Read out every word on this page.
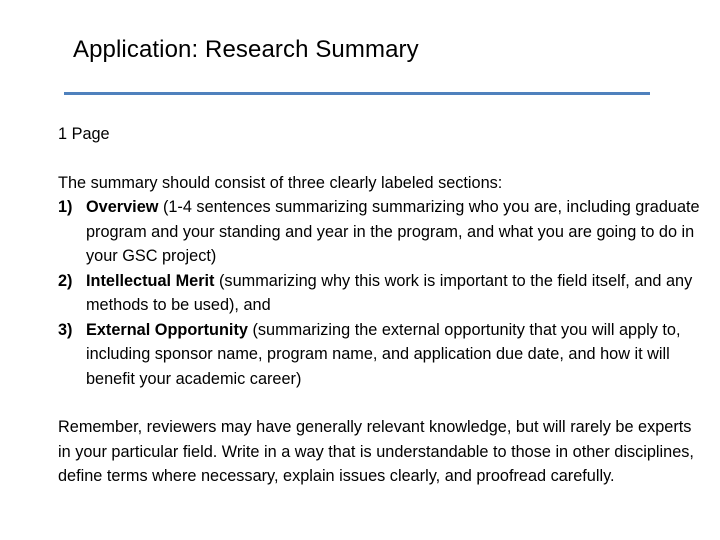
Application: Research Summary

1 Page

The summary should consist of three clearly labeled sections:

1) Overview (1-4 sentences summarizing summarizing who you are, including graduate program and your standing and year in the program, and what you are going to do in your GSC project)
2) Intellectual Merit (summarizing why this work is important to the field itself, and any methods to be used), and
3) External Opportunity (summarizing the external opportunity that you will apply to, including sponsor name, program name, and application due date, and how it will benefit your academic career)

Remember, reviewers may have generally relevant knowledge, but will rarely be experts in your particular field. Write in a way that is understandable to those in other disciplines, define terms where necessary, explain issues clearly, and proofread carefully.
